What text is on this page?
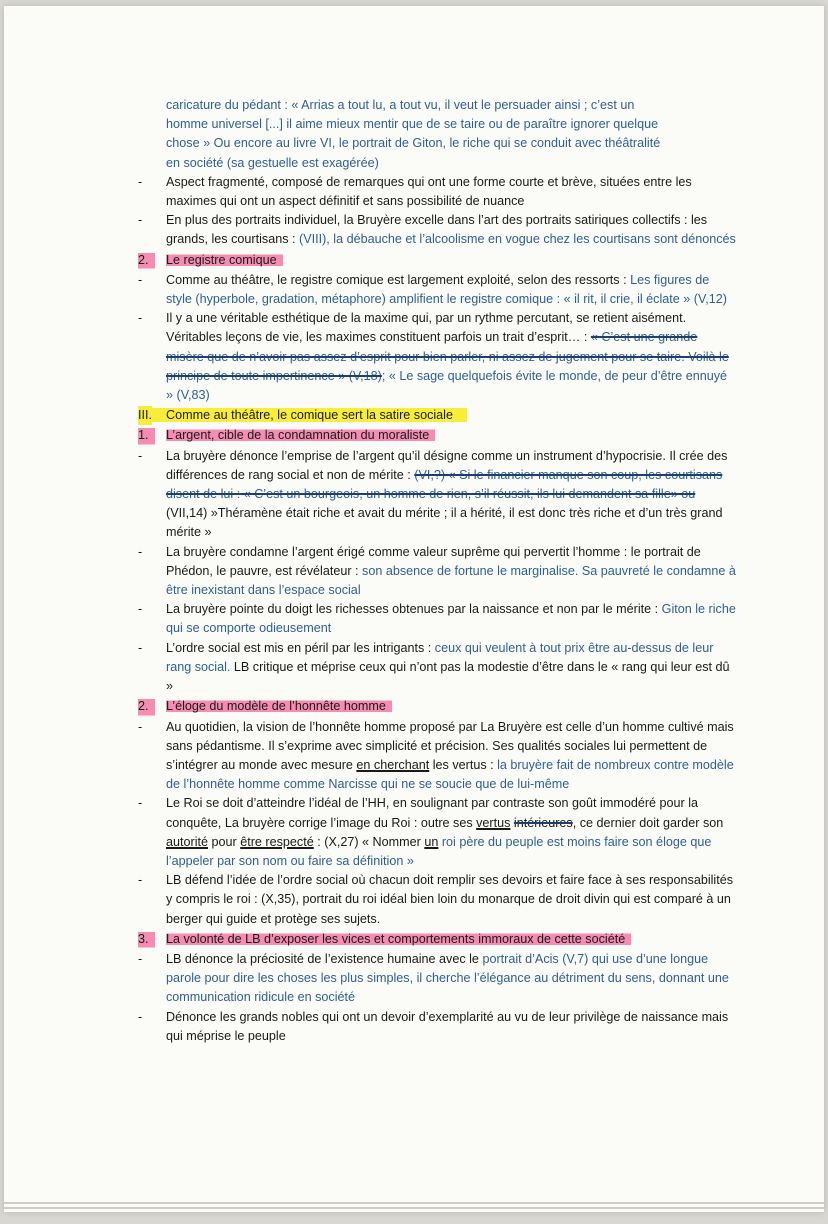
caricature du pédant : « Arrias a tout lu, a tout vu, il veut le persuader ainsi ; c’est un
homme universel [...] il aime mieux mentir que de se taire ou de paraître ignorer quelque
chose » Ou encore au livre VI, le portrait de Giton, le riche qui se conduit avec théâtralité
en société (sa gestuelle est exagérée)
- Aspect fragmenté, composé de remarques qui ont une forme courte et brève, situées entre les maximes qui ont un aspect définitif et sans possibilité de nuance
- En plus des portraits individuel, la Bruyère excelle dans l’art des portraits satiriques collectifs : les grands, les courtisans : (VIII), la débauche et l’alcoolisme en vogue chez les courtisans sont dénoncés
2.	Le registre comique
- Comme au théâtre, le registre comique est largement exploité, selon des ressorts : Les figures de style (hyperbole, gradation, métaphore) amplifient le registre comique : « il rit, il crie, il éclate » (V,12)
- Il y a une véritable esthétique de la maxime qui, par un rythme percutant, se retient aisément. Véritables leçons de vie, les maximes constituent parfois un trait d’esprit… : « C’est une grande misère que de n’avoir pas assez d’esprit pour bien parler, ni assez de jugement pour se taire. Voilà le principe de toute impertinence » (V,18); « Le sage quelquefois évite le monde, de peur d’être ennuyé » (V,83)
III. Comme au théâtre, le comique sert la satire sociale
1.	L’argent, cible de la condamnation du moraliste
- La bruyère dénonce l’emprise de l’argent qu’il désigne comme un instrument d’hypocrisie. Il crée des différences de rang social et non de mérite : (VI,?) « Si le financier manque son coup, les courtisans disent de lui : « C’est un bourgeois, un homme de rien, s’il réussit, ils lui demandent sa fille» ou (VII,14) »Théramène était riche et avait du mérite ; il a hérité, il est donc très riche et d’un très grand mérite »
- La bruyère condamne l’argent érigé comme valeur suprême qui pervertit l’homme : le portrait de Phédon, le pauvre, est révélateur : son absence de fortune le marginalise. Sa pauvreté le condamne à être inexistant dans l’espace social
- La bruyère pointe du doigt les richesses obtenues par la naissance et non par le mérite : Giton le riche qui se comporte odieusement
- L’ordre social est mis en péril par les intrigants : ceux qui veulent à tout prix être au-dessus de leur rang social. LB critique et méprise ceux qui n’ont pas la modestie d’être dans le « rang qui leur est dû »
2.	L’éloge du modèle de l’honnête homme
- Au quotidien, la vision de l’honnête homme proposé par La Bruyère est celle d’un homme cultivé mais sans pédantisme. Il s’exprime avec simplicité et précision. Ses qualités sociales lui permettent de s’intégrer au monde avec mesure en cherchant les vertus : la bruyère fait de nombreux contre modèle de l’honnête homme comme Narcisse qui ne se soucie que de lui-même
- Le Roi se doit d’atteindre l’idéal de l’HH, en soulignant par contraste son goût immodéré pour la conquête, La bruyère corrige l’image du Roi : outre ses vertus intérieures, ce dernier doit garder son autorité pour être respecté : (X,27) « Nommer un roi père du peuple est moins faire son éloge que l’appeler par son nom ou faire sa définition »
- LB défend l’idée de l’ordre social où chacun doit remplir ses devoirs et faire face à ses responsabilités y compris le roi : (X,35), portrait du roi idéal bien loin du monarque de droit divin qui est comparé à un berger qui guide et protège ses sujets.
3.	La volonté de LB d’exposer les vices et comportements immoraux de cette société
- LB dénonce la préciosité de l’existence humaine avec le portrait d’Acis (V,7) qui use d’une longue parole pour dire les choses les plus simples, il cherche l’élégance au détriment du sens, donnant une communication ridicule en société
- Dénonce les grands nobles qui ont un devoir d’exemplarité au vu de leur privilège de naissance mais qui méprise le peuple
